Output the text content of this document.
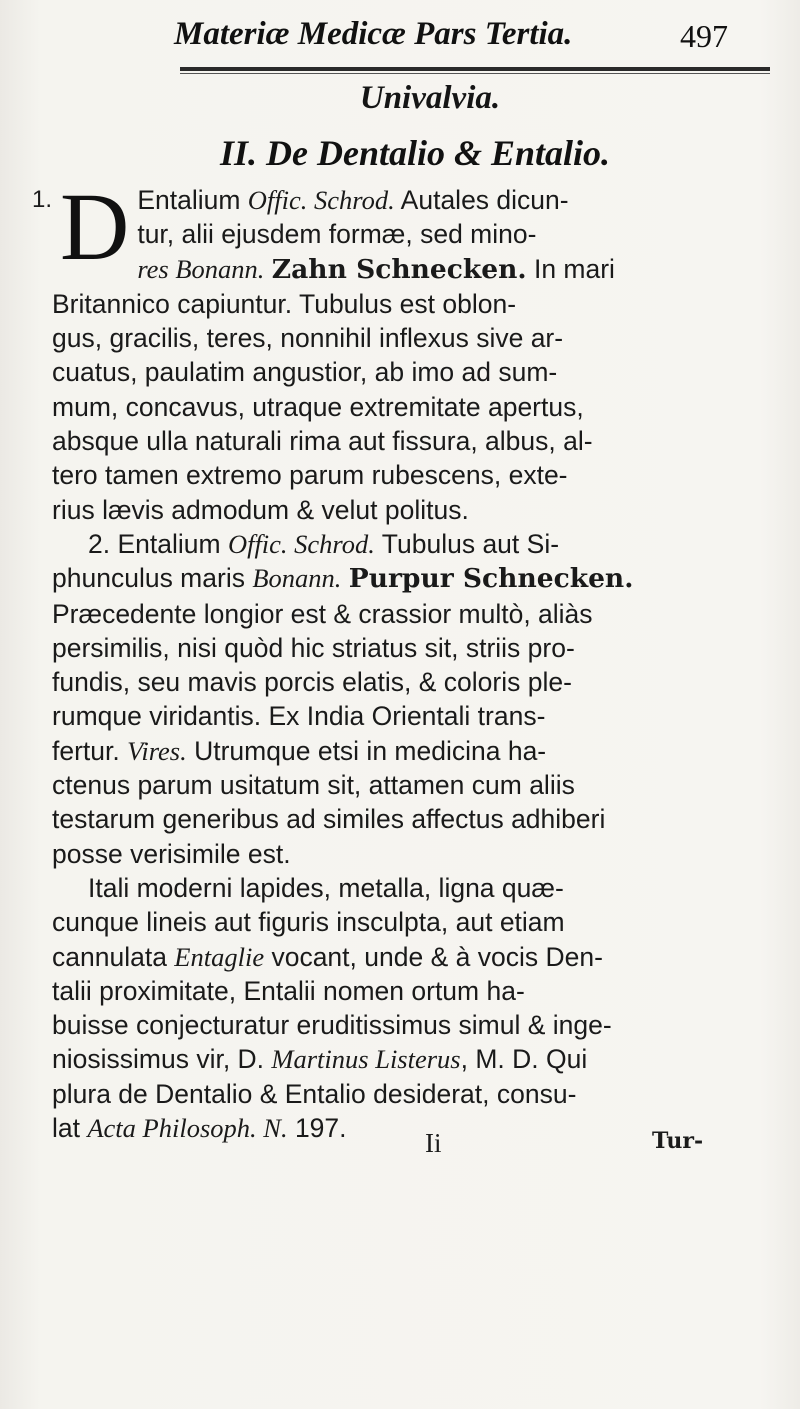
Materiæ Medicæ Pars Tertia.	497
Univalvia.
II. De Dentalio & Entalio.
1. D Entalium Offic. Schrod. Autales dicun-
tur, alii ejusdem formæ, sed mino-
res Bonann. Zahn Schnecken. In mari
Britannico capiuntur. Tubulus est oblon-
gus, gracilis, teres, nonnihil inflexus sive ar-
cuatus, paulatim angustior, ab imo ad sum-
mum, concavus, utraque extremitate apertus,
absque ulla naturali rima aut fissura, albus, al-
tero tamen extremo parum rubescens, exte-
rius lævis admodum & velut politus.
2. Entalium Offic. Schrod. Tubulus aut Si-
phunculus maris Bonann. Purpur Schnecken.
Præcedente longior est & crassior multò, aliàs
persimilis, nisi quòd hic striatus sit, striis pro-
fundis, seu mavis porcis elatis, & coloris ple-
rumque viridantis. Ex India Orientali trans-
fertur. Vires. Utrumque etsi in medicina ha-
ctenus parum usitatum sit, attamen cum aliis
testarum generibus ad similes affectus adhiberi
posse verisimile est.
Itali moderni lapides, metalla, ligna quæ-
cunque lineis aut figuris insculpta, aut etiam
cannulata Entaglie vocant, unde & à vocis Den-
talii proximitate, Entalii nomen ortum ha-
buisse conjecturatur eruditissimus simul & inge-
niosissimus vir, D. Martinus Listerus, M. D. Qui
plura de Dentalio & Entalio desiderat, consu-
lat Acta Philosoph. N. 197.	Ii	Tur-
